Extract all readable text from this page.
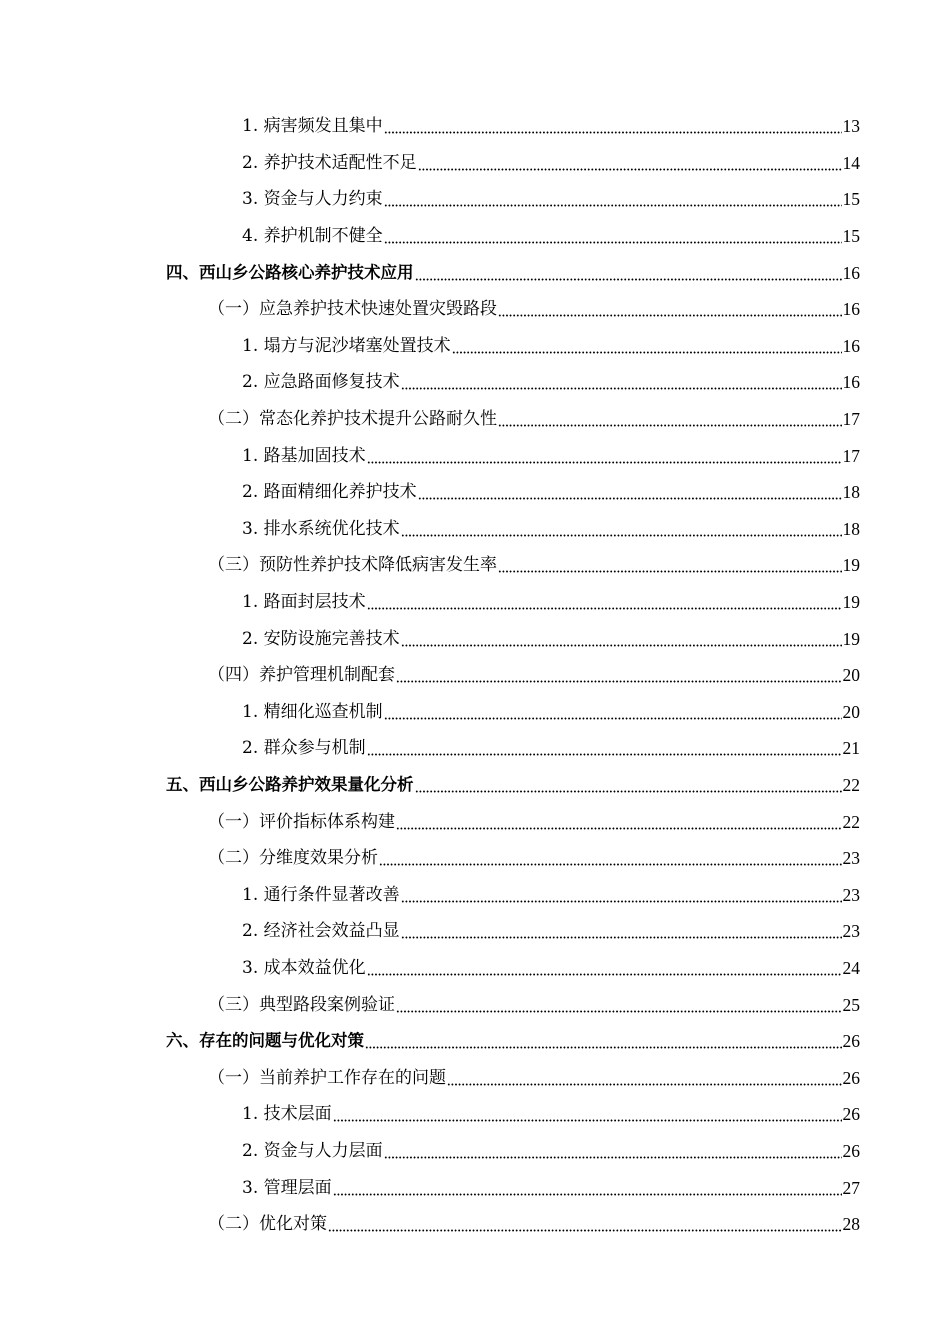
1. 病害频发且集中	13
2. 养护技术适配性不足	14
3. 资金与人力约束	15
4. 养护机制不健全	15
四、西山乡公路核心养护技术应用	16
（一）应急养护技术快速处置灾毁路段	16
1. 塌方与泥沙堵塞处置技术	16
2. 应急路面修复技术	16
（二）常态化养护技术提升公路耐久性	17
1. 路基加固技术	17
2. 路面精细化养护技术	18
3. 排水系统优化技术	18
（三）预防性养护技术降低病害发生率	19
1. 路面封层技术	19
2. 安防设施完善技术	19
（四）养护管理机制配套	20
1. 精细化巡查机制	20
2. 群众参与机制	21
五、西山乡公路养护效果量化分析	22
（一）评价指标体系构建	22
（二）分维度效果分析	23
1. 通行条件显著改善	23
2. 经济社会效益凸显	23
3. 成本效益优化	24
（三）典型路段案例验证	25
六、存在的问题与优化对策	26
（一）当前养护工作存在的问题	26
1. 技术层面	26
2. 资金与人力层面	26
3. 管理层面	27
（二）优化对策	28
